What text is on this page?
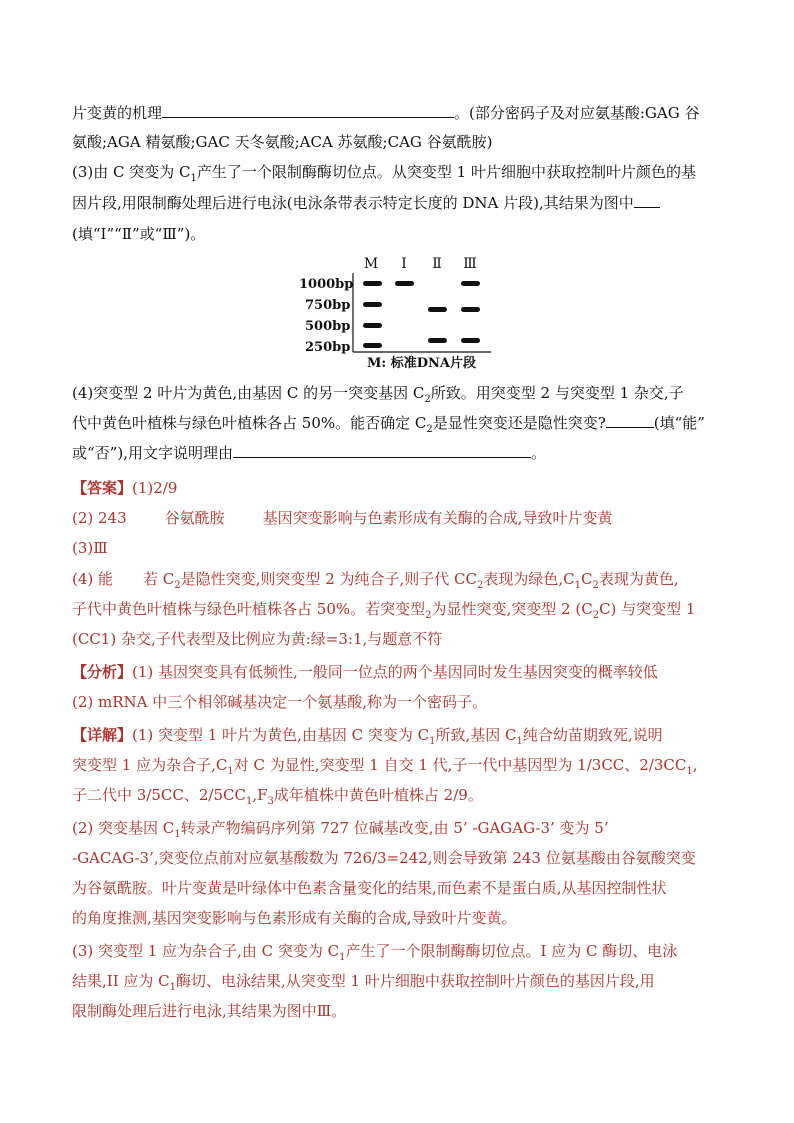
片变黄的机理	。(部分密码子及对应氨基酸:GAG 谷
氨酸;AGA 精氨酸;GAC 天冬氨酸;ACA 苏氨酸;CAG 谷氨酰胺)
(3)由 C 突变为 $C_1$产生了一个限制酶酶切位点。从突变型 1 叶片细胞中获取控制叶片颜色的基
因片段,用限制酶处理后进行电泳(电泳条带表示特定长度的 DNA 片段),其结果为图中
(填“I”“Ⅱ”或“Ⅲ”)。
M I Ⅱ Ⅲ
1000bp
750bp
500bp
250bp
M: 标准DNA片段
(4)突变型 2 叶片为黄色,由基因 C 的另一突变基因 $C_2$所致。用突变型 2 与突变型 1 杂交,子
代中黄色叶植株与绿色叶植株各占 50%。能否确定 $C_2$是显性突变还是隐性突变?	(填“能”
或“否”),用文字说明理由	。
【答案】(1)2/9
(2) 243	谷氨酰胺	基因突变影响与色素形成有关酶的合成,导致叶片变黄
(3)Ⅲ
(4) 能 若 $C_2$是隐性突变,则突变型 2 为纯合子,则子代 $CC_2$表现为绿色$,C_1C_2$表现为黄色,
子代中黄色叶植株与绿色叶植株各占 50%。若突变型$_2$为显性突变,突变型 2 $(C_2C)$ 与突变型 1
(CC1) 杂交,子代表型及比例应为黄:绿=3:1,与题意不符
【分析】(1) 基因突变具有低频性,一般同一位点的两个基因同时发生基因突变的概率较低
(2) mRNA 中三个相邻碱基决定一个氨基酸,称为一个密码子。
【详解】(1) 突变型 1 叶片为黄色,由基因 C 突变为 $C_1$所致,基因 $C_1$纯合幼苗期致死,说明
突变型 1 应为杂合子$,C_1$对 C 为显性,突变型 1 自交 1 代,子一代中基因型为 1/3CC、$2/3CC_1$,
子二代中 3/5CC、$2/5CC_1,F_3$成年植株中黄色叶植株占 2/9。
(2) 突变基因 $C_1$转录产物编码序列第 727 位碱基改变,由 5’ -GAGAG-3’ 变为 5’
-GACAG-3’,突变位点前对应氨基酸数为 726/3=242,则会导致第 243 位氨基酸由谷氨酸突变
为谷氨酰胺。叶片变黄是叶绿体中色素含量变化的结果,而色素不是蛋白质,从基因控制性状
的角度推测,基因突变影响与色素形成有关酶的合成,导致叶片变黄。
(3) 突变型 1 应为杂合子,由 C 突变为 $C_1$产生了一个限制酶酶切位点。I 应为 C 酶切、电泳
结果,II 应为 $C_1$酶切、电泳结果,从突变型 1 叶片细胞中获取控制叶片颜色的基因片段,用
限制酶处理后进行电泳,其结果为图中Ⅲ。
